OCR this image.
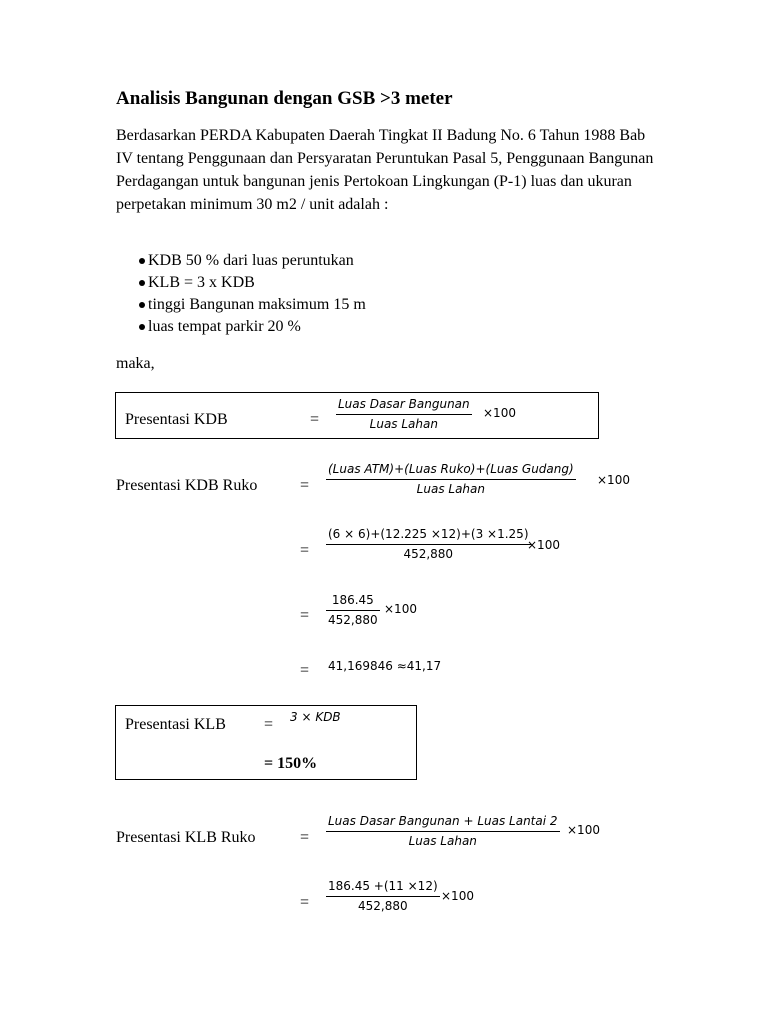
Analisis Bangunan dengan GSB >3 meter
Berdasarkan PERDA Kabupaten Daerah Tingkat II Badung No. 6 Tahun 1988 Bab IV tentang Penggunaan dan Persyaratan Peruntukan Pasal 5, Penggunaan Bangunan Perdagangan untuk bangunan jenis Pertokoan Lingkungan (P-1) luas dan ukuran perpetakan minimum 30 m2 / unit adalah :
KDB 50 % dari luas peruntukan
KLB = 3 x KDB
tinggi Bangunan maksimum 15 m
luas tempat parkir 20 %
maka,
Presentasi KDB	=
Luas Dasar Bangunan
Luas Lahan
×100
Presentasi KDB Ruko	=
(Luas ATM)+(Luas Ruko)+(Luas Gudang)
Luas Lahan
×100
=
(6 × 6)+(12.225 ×12)+(3 ×1.25)
452,880
×100
=
186.45
452,880
×100
= 41,169846 ≈41,17
Presentasi KLB = 3 × KDB
= 150%
Presentasi KLB Ruko	=
Luas Dasar Bangunan + Luas Lantai 2
Luas Lahan
×100
=
186.45 +(11 ×12)
452,880
×100
